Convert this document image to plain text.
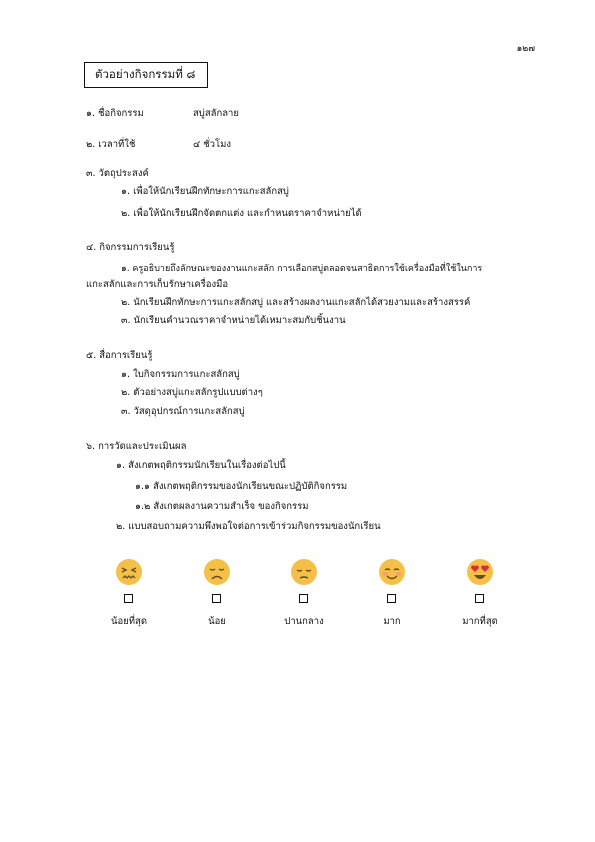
๑๒๗
ตัวอย่างกิจกรรมที่ ๘
๑. ชื่อกิจกรรม	สบู่สลักลาย
๒. เวลาที่ใช้	๔ ชั่วโมง
๓. วัตถุประสงค์
๑. เพื่อให้นักเรียนฝึกทักษะการแกะสลักสบู่
๒. เพื่อให้นักเรียนฝึกจัดตกแต่ง และกำหนดราคาจำหน่ายได้
๔. กิจกรรมการเรียนรู้
๑. ครูอธิบายถึงลักษณะของงานแกะสลัก การเลือกสบู่ตลอดจนสาธิตการใช้เครื่องมือที่ใช้ในการ
แกะสลักและการเก็บรักษาเครื่องมือ
๒. นักเรียนฝึกทักษะการแกะสลักสบู่ และสร้างผลงานแกะสลักได้สวยงามและสร้างสรรค์
๓. นักเรียนคำนวณราคาจำหน่ายได้เหมาะสมกับชิ้นงาน
๕. สื่อการเรียนรู้
๑. ใบกิจกรรมการแกะสลักสบู่
๒. ตัวอย่างสบู่แกะสลักรูปแบบต่างๆ
๓. วัสดุอุปกรณ์การแกะสลักสบู่
๖. การวัดและประเมินผล
๑. สังเกตพฤติกรรมนักเรียนในเรื่องต่อไปนี้
๑.๑ สังเกตพฤติกรรมของนักเรียนขณะปฏิบัติกิจกรรม
๑.๒ สังเกตผลงานความสำเร็จ ของกิจกรรม
๒. แบบสอบถามความพึงพอใจต่อการเข้าร่วมกิจกรรมของนักเรียน
น้อยที่สุด	น้อย	ปานกลาง	มาก	มากที่สุด
